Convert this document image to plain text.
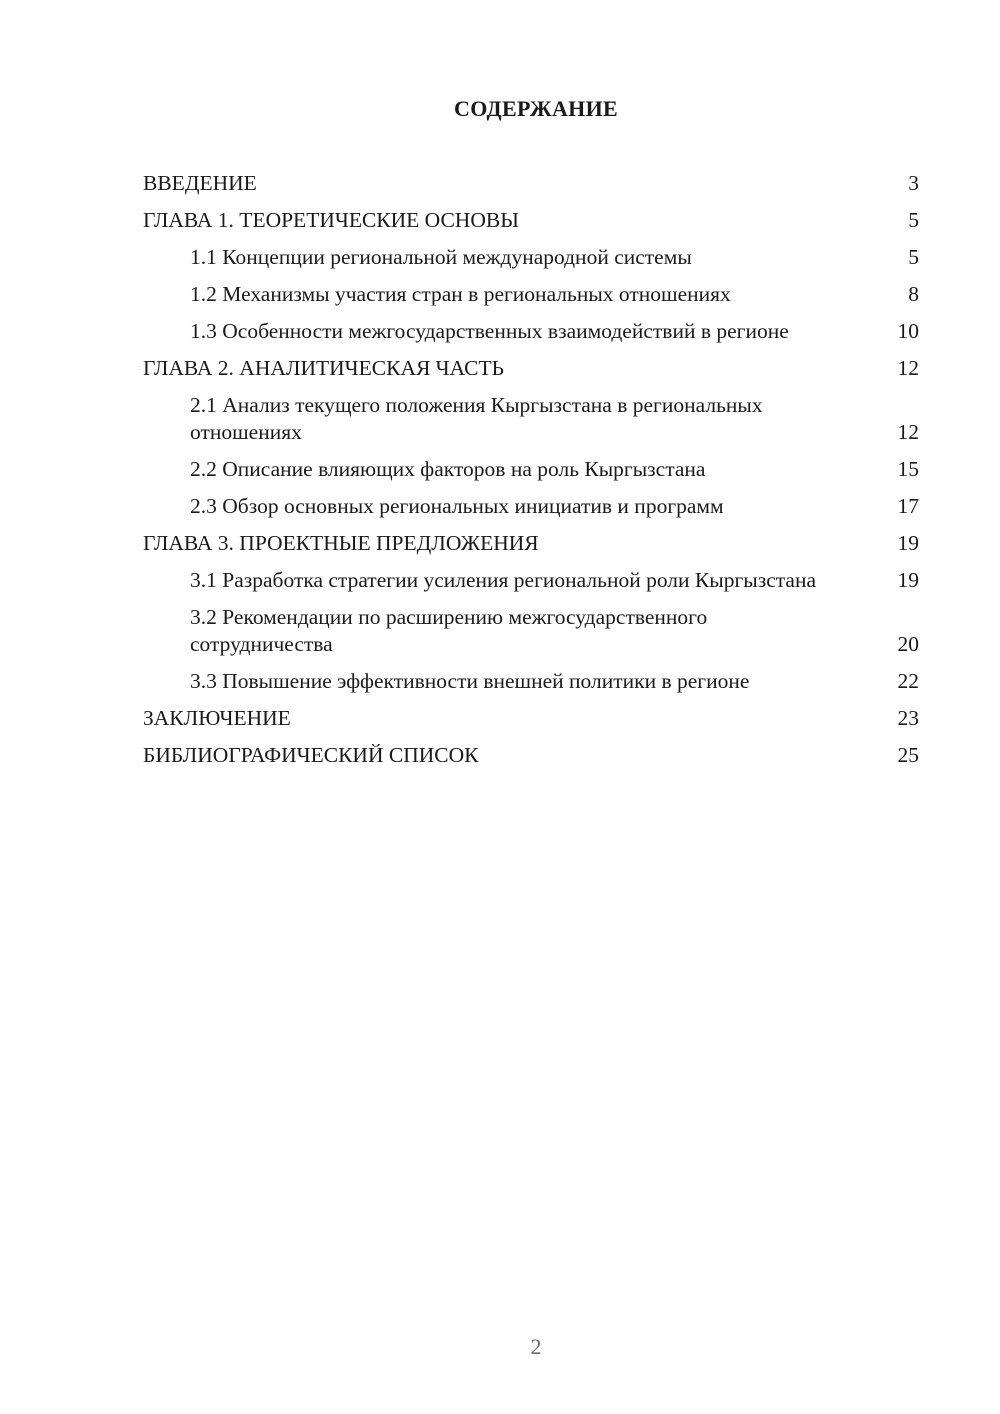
СОДЕРЖАНИЕ
ВВЕДЕНИЕ	3
ГЛАВА 1. ТЕОРЕТИЧЕСКИЕ ОСНОВЫ	5
1.1 Концепции региональной международной системы	5
1.2 Механизмы участия стран в региональных отношениях	8
1.3 Особенности межгосударственных взаимодействий в регионе	10
ГЛАВА 2. АНАЛИТИЧЕСКАЯ ЧАСТЬ	12
2.1 Анализ текущего положения Кыргызстана в региональных отношениях	12
2.2 Описание влияющих факторов на роль Кыргызстана	15
2.3 Обзор основных региональных инициатив и программ	17
ГЛАВА 3. ПРОЕКТНЫЕ ПРЕДЛОЖЕНИЯ	19
3.1 Разработка стратегии усиления региональной роли Кыргызстана	19
3.2 Рекомендации по расширению межгосударственного сотрудничества	20
3.3 Повышение эффективности внешней политики в регионе	22
ЗАКЛЮЧЕНИЕ	23
БИБЛИОГРАФИЧЕСКИЙ СПИСОК	25
2
